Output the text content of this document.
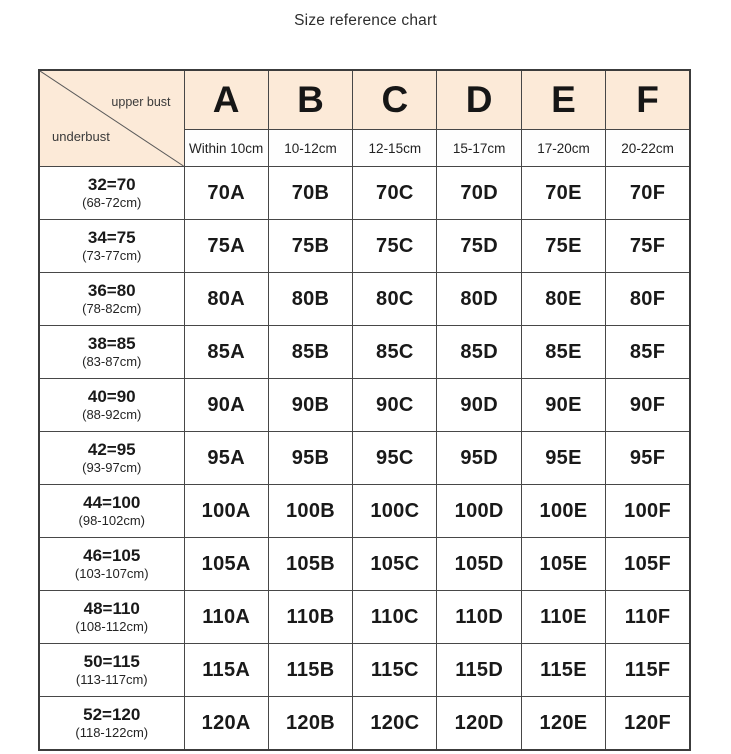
Size reference chart
upper bust
underbust	A	B	C	D	E	F
	Within 10cm	10-12cm	12-15cm	15-17cm	17-20cm	20-22cm

32=70
(68-72cm)	70A	70B	70C	70D	70E	70F

34=75
(73-77cm)	75A	75B	75C	75D	75E	75F

36=80
(78-82cm)	80A	80B	80C	80D	80E	80F

38=85
(83-87cm)	85A	85B	85C	85D	85E	85F

40=90
(88-92cm)	90A	90B	90C	90D	90E	90F

42=95
(93-97cm)	95A	95B	95C	95D	95E	95F

44=100
(98-102cm)	100A	100B	100C	100D	100E	100F

46=105
(103-107cm)	105A	105B	105C	105D	105E	105F

48=110
(108-112cm)	110A	110B	110C	110D	110E	110F

50=115
(113-117cm)	115A	115B	115C	115D	115E	115F

52=120
(118-122cm)	120A	120B	120C	120D	120E	120F
